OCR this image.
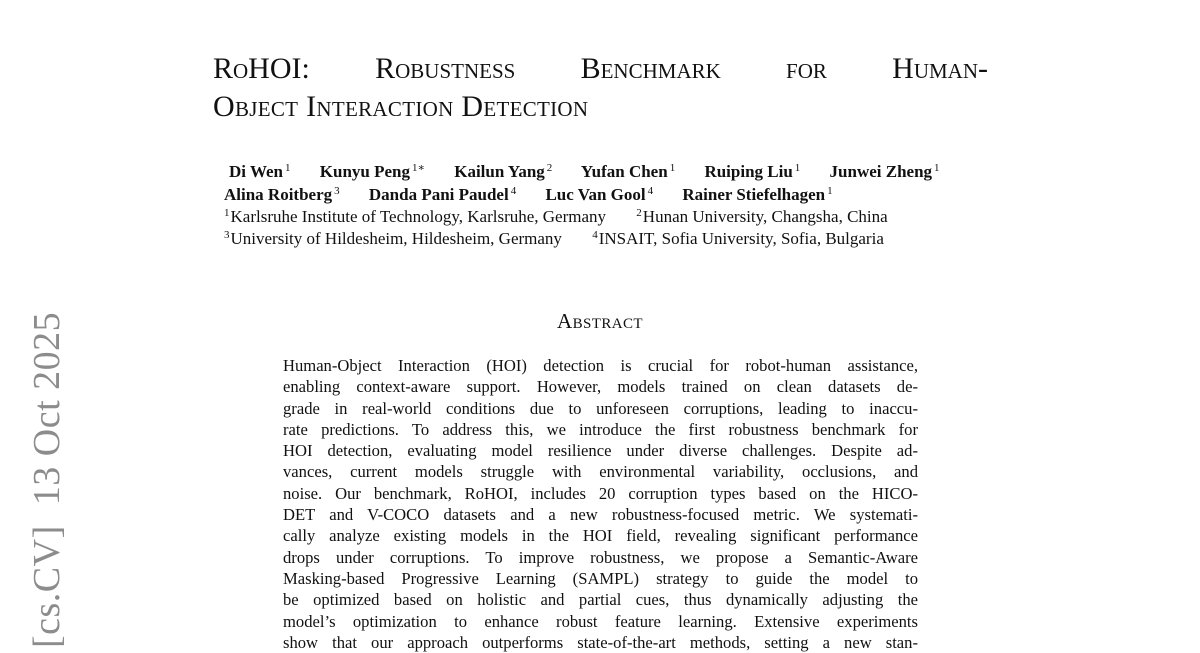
[cs.CV]13 Oct 2025
RoHOI: Robustness Benchmark for Human-
Object Interaction Detection
Di Wen $^1$ Kunyu Peng $^{1∗}$ Kailun Yang $^2$ Yufan Chen $^1$ Ruiping Liu $^1$ Junwei Zheng $^1$
Alina Roitberg $^3$ Danda Pani Paudel $^4$ Luc Van Gool $^4$ Rainer Stiefelhagen $^1$
$^1$Karlsruhe Institute of Technology, Karlsruhe, Germany	$^2$Hunan University, Changsha, China
$^3$University of Hildesheim, Hildesheim, Germany	$^4$INSAIT, Sofia University, Sofia, Bulgaria
Abstract
Human-Object Interaction (HOI) detection is crucial for robot-human assistance,
enabling context-aware support. However, models trained on clean datasets de-
grade in real-world conditions due to unforeseen corruptions, leading to inaccu-
rate predictions. To address this, we introduce the first robustness benchmark for
HOI detection, evaluating model resilience under diverse challenges. Despite ad-
vances, current models struggle with environmental variability, occlusions, and
noise. Our benchmark, RoHOI, includes 20 corruption types based on the HICO-
DET and V-COCO datasets and a new robustness-focused metric. We systemati-
cally analyze existing models in the HOI field, revealing significant performance
drops under corruptions. To improve robustness, we propose a Semantic-Aware
Masking-based Progressive Learning (SAMPL) strategy to guide the model to
be optimized based on holistic and partial cues, thus dynamically adjusting the
model’s optimization to enhance robust feature learning. Extensive experiments
show that our approach outperforms state-of-the-art methods, setting a new stan-
